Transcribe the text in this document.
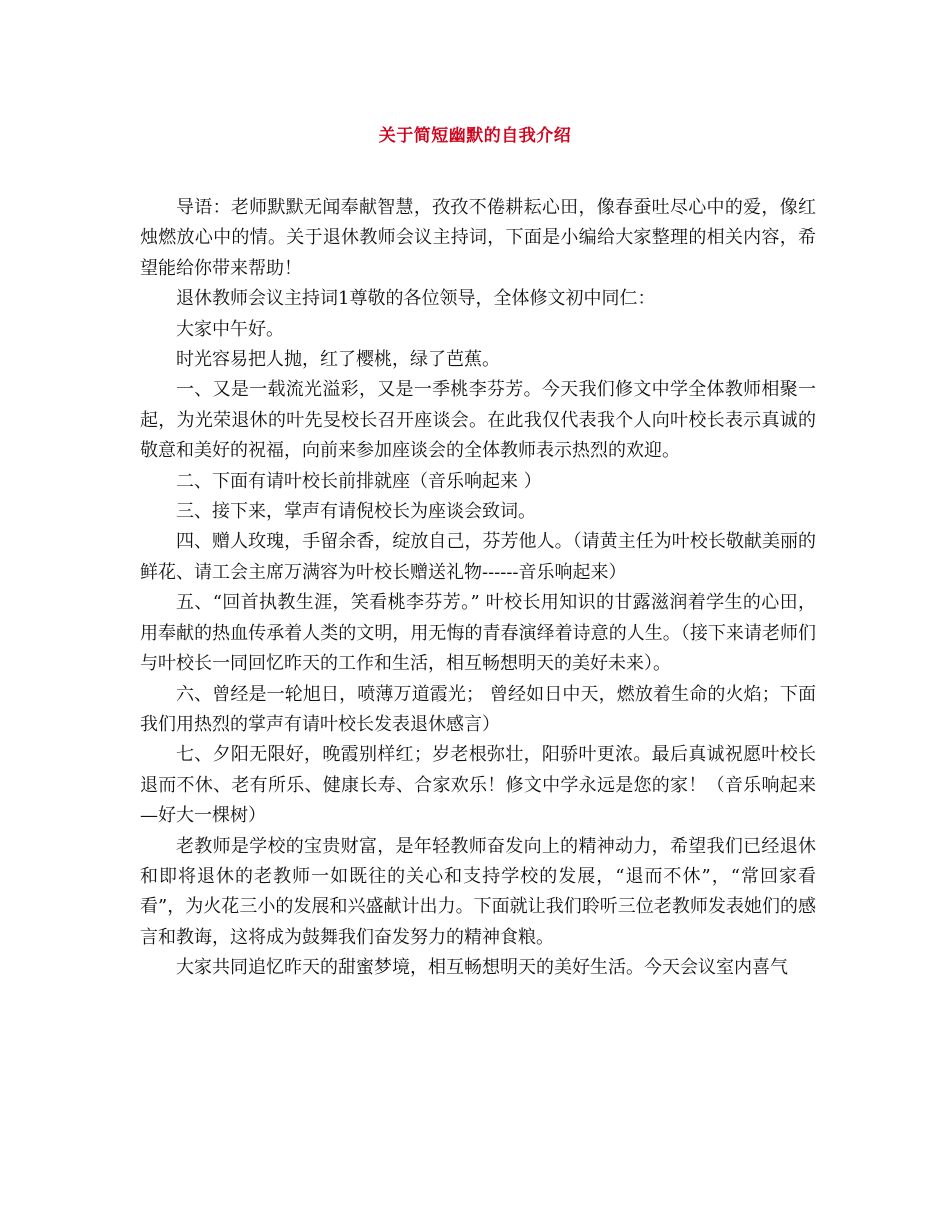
关于简短幽默的自我介绍

导语：老师默默无闻奉献智慧，孜孜不倦耕耘心田，像春蚕吐尽心中的爱，像红烛燃放心中的情。关于退休教师会议主持词，下面是小编给大家整理的相关内容，希望能给你带来帮助！

退休教师会议主持词1尊敬的各位领导，全体修文初中同仁：

大家中午好。

时光容易把人抛，红了樱桃，绿了芭蕉。

一、又是一载流光溢彩，又是一季桃李芬芳。今天我们修文中学全体教师相聚一起，为光荣退休的叶先旻校长召开座谈会。在此我仅代表我个人向叶校长表示真诚的敬意和美好的祝福，向前来参加座谈会的全体教师表示热烈的欢迎。

二、下面有请叶校长前排就座（音乐响起来 ）

三、接下来，掌声有请倪校长为座谈会致词。

四、赠人玫瑰，手留余香，绽放自己，芬芳他人。（请黄主任为叶校长敬献美丽的鲜花、请工会主席万满容为叶校长赠送礼物------音乐响起来）

五、“回首执教生涯，笑看桃李芬芳。” 叶校长用知识的甘露滋润着学生的心田，用奉献的热血传承着人类的文明，用无悔的青春演绎着诗意的人生。（接下来请老师们与叶校长一同回忆昨天的工作和生活，相互畅想明天的美好未来）。

六、曾经是一轮旭日，喷薄万道霞光； 曾经如日中天，燃放着生命的火焰；下面我们用热烈的掌声有请叶校长发表退休感言）

七、夕阳无限好，晚霞别样红；岁老根弥壮，阳骄叶更浓。最后真诚祝愿叶校长退而不休、老有所乐、健康长寿、合家欢乐！修文中学永远是您的家！（音乐响起来—好大一棵树）

老教师是学校的宝贵财富，是年轻教师奋发向上的精神动力，希望我们已经退休和即将退休的老教师一如既往的关心和支持学校的发展，“退而不休”，“常回家看看”，为火花三小的发展和兴盛献计出力。下面就让我们聆听三位老教师发表她们的感言和教诲，这将成为鼓舞我们奋发努力的精神食粮。

大家共同追忆昨天的甜蜜梦境，相互畅想明天的美好生活。今天会议室内喜气
